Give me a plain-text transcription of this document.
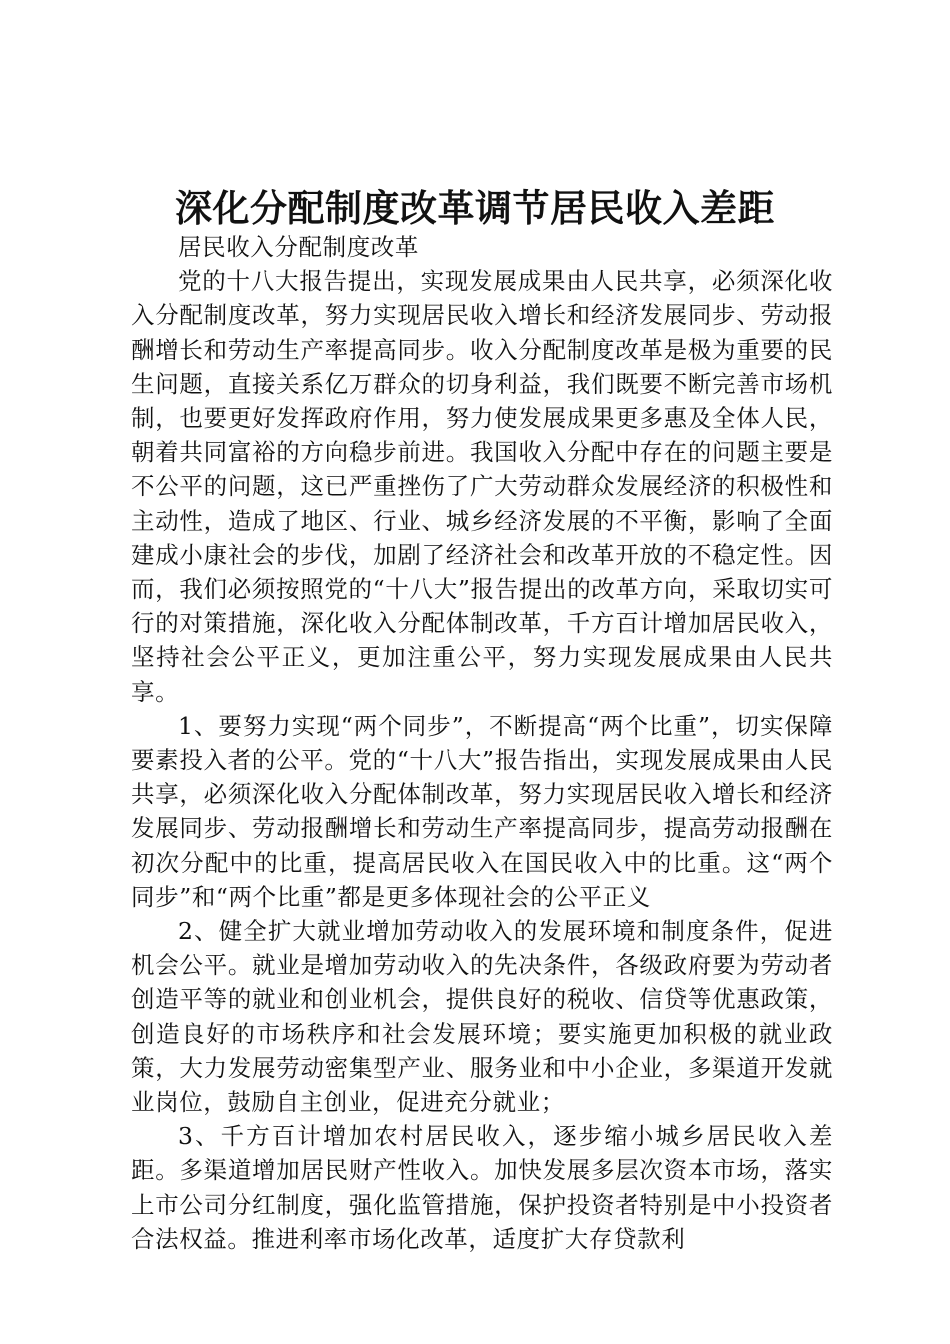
深化分配制度改革调节居民收入差距

居民收入分配制度改革

党的十八大报告提出，实现发展成果由人民共享，必须深化收入分配制度改革，努力实现居民收入增长和经济发展同步、劳动报酬增长和劳动生产率提高同步。收入分配制度改革是极为重要的民生问题，直接关系亿万群众的切身利益，我们既要不断完善市场机制，也要更好发挥政府作用，努力使发展成果更多惠及全体人民，朝着共同富裕的方向稳步前进。我国收入分配中存在的问题主要是不公平的问题，这已严重挫伤了广大劳动群众发展经济的积极性和主动性，造成了地区、行业、城乡经济发展的不平衡，影响了全面建成小康社会的步伐，加剧了经济社会和改革开放的不稳定性。因而，我们必须按照党的“十八大”报告提出的改革方向，采取切实可行的对策措施，深化收入分配体制改革，千方百计增加居民收入，坚持社会公平正义，更加注重公平，努力实现发展成果由人民共享。

1、要努力实现“两个同步”，不断提高“两个比重”，切实保障要素投入者的公平。党的“十八大”报告指出，实现发展成果由人民共享，必须深化收入分配体制改革，努力实现居民收入增长和经济发展同步、劳动报酬增长和劳动生产率提高同步，提高劳动报酬在初次分配中的比重，提高居民收入在国民收入中的比重。这“两个同步”和“两个比重”都是更多体现社会的公平正义

2、健全扩大就业增加劳动收入的发展环境和制度条件，促进机会公平。就业是增加劳动收入的先决条件，各级政府要为劳动者创造平等的就业和创业机会，提供良好的税收、信贷等优惠政策，创造良好的市场秩序和社会发展环境；要实施更加积极的就业政策，大力发展劳动密集型产业、服务业和中小企业，多渠道开发就业岗位，鼓励自主创业，促进充分就业；

3、千方百计增加农村居民收入，逐步缩小城乡居民收入差距。多渠道增加居民财产性收入。加快发展多层次资本市场，落实上市公司分红制度，强化监管措施，保护投资者特别是中小投资者合法权益。推进利率市场化改革，适度扩大存贷款利
